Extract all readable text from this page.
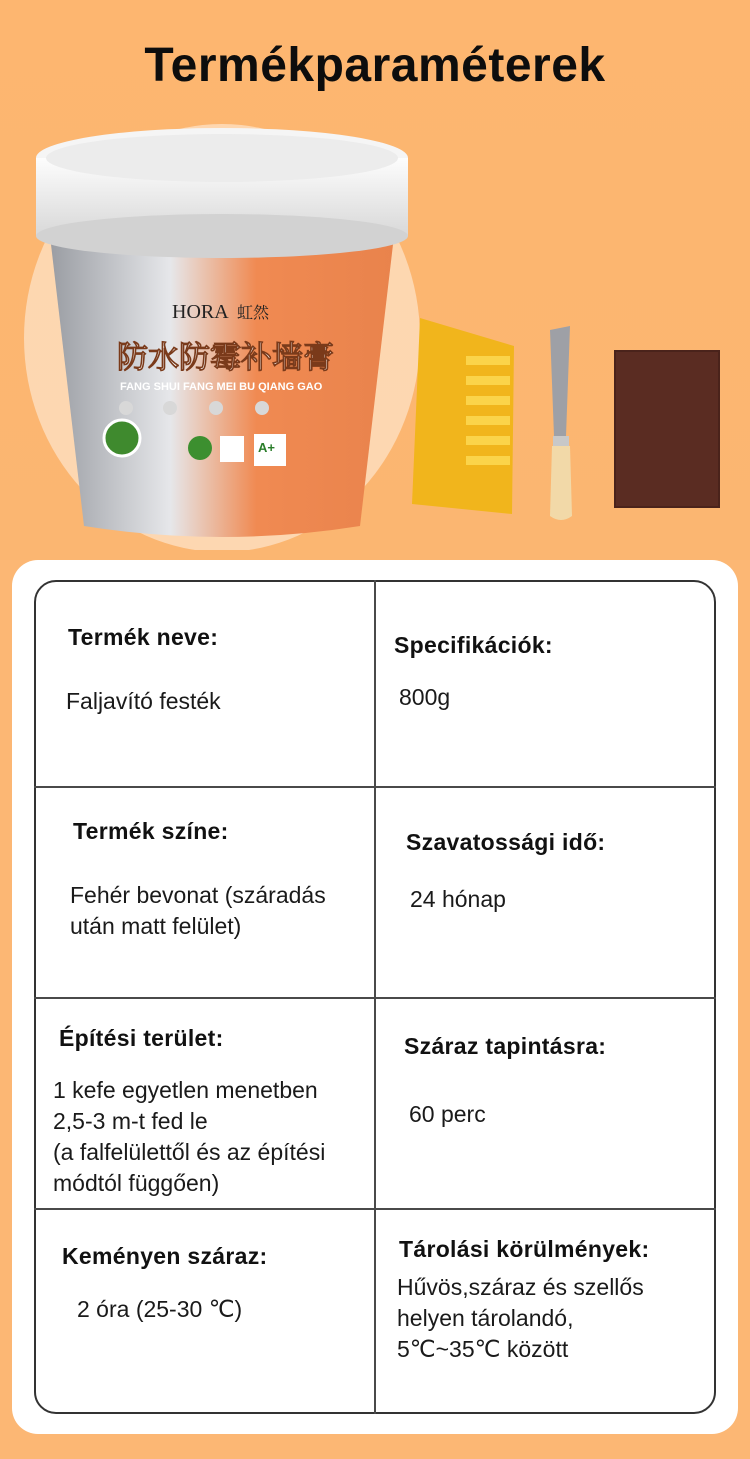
Termékparaméterek
HORA 虹然
防水防霉补墙膏
FANG SHUI FANG MEI BU QIANG GAO
A+
Termék neve:
Faljavító festék
Specifikációk:
800g
Termék színe:
Fehér bevonat (száradás
után matt felület)
Szavatossági idő:
24 hónap
Építési terület:
1 kefe egyetlen menetben
2,5-3 m-t fed le
(a falfelülettől és az építési
módtól függően)
Száraz tapintásra:
60 perc
Keményen száraz:
2 óra (25-30 ℃)
Tárolási körülmények:
Hűvös,száraz és szellős
helyen tárolandó,
5℃~35℃ között
